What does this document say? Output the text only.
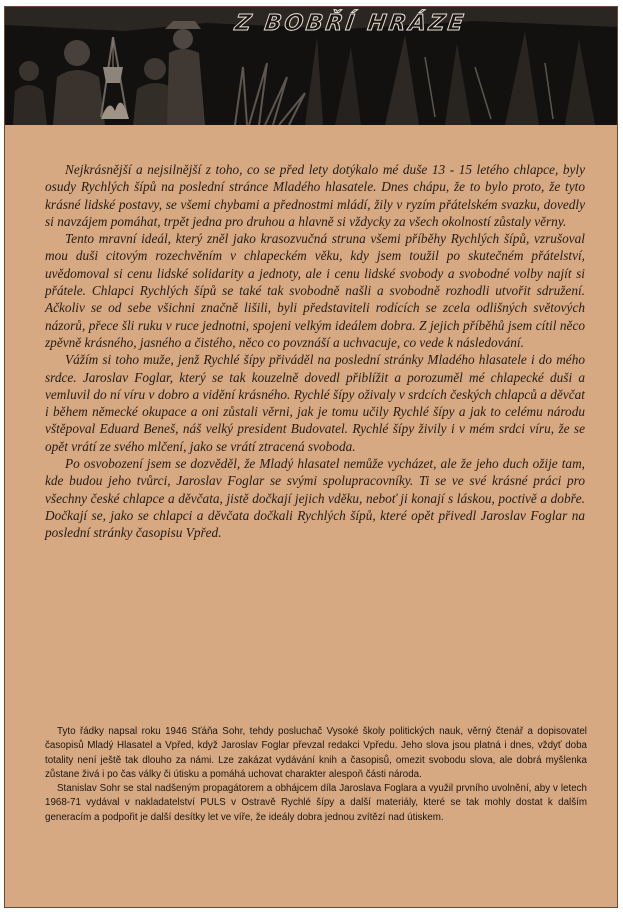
Z BOBŘÍ HRÁZE

Nejkrásnější a nejsilnější z toho, co se před lety dotýkalo mé duše 13 - 15 letého chlapce, byly osudy Rychlých šípů na poslední stránce Mladého hlasatele. Dnes chápu, že to bylo proto, že tyto krásné lidské postavy, se všemi chybami a přednostmi mládí, žily v ryzím přátelském svazku, dovedly si navzájem pomáhat, trpět jedna pro druhou a hlavně si vždycky za všech okolností zůstaly věrny.

Tento mravní ideál, který zněl jako krasozvučná struna všemi příběhy Rychlých šípů, vzrušoval mou duši citovým rozechvěním v chlapeckém věku, kdy jsem toužil po skutečném přátelství, uvědomoval si cenu lidské solidarity a jednoty, ale i cenu lidské svobody a svobodné volby najít si přátele. Chlapci Rychlých šípů se také tak svobodně našli a svobodně rozhodli utvořit sdružení. Ačkoliv se od sebe všichni značně lišili, byli představiteli rodících se zcela odlišných světových názorů, přece šli ruku v ruce jednotni, spojeni velkým ideálem dobra. Z jejich příběhů jsem cítil něco zpěvně krásného, jasného a čistého, něco co povznáší a uchvacuje, co vede k následování.

Vážím si toho muže, jenž Rychlé šípy přiváděl na poslední stránky Mladého hlasatele i do mého srdce. Jaroslav Foglar, který se tak kouzelně dovedl přiblížit a porozuměl mé chlapecké duši a vemluvil do ní víru v dobro a vidění krásného. Rychlé šípy oživaly v srdcích českých chlapců a děvčat i během německé okupace a oni zůstali věrni, jak je tomu učily Rychlé šípy a jak to celému národu vštěpoval Eduard Beneš, náš velký president Budovatel. Rychlé šípy živily i v mém srdci víru, že se opět vrátí ze svého mlčení, jako se vrátí ztracená svoboda.

Po osvobození jsem se dozvěděl, že Mladý hlasatel nemůže vycházet, ale že jeho duch ožije tam, kde budou jeho tvůrci, Jaroslav Foglar se svými spolupracovníky. Ti se ve své krásné práci pro všechny české chlapce a děvčata, jistě dočkají jejich vděku, neboť ji konají s láskou, poctivě a dobře. Dočkají se, jako se chlapci a děvčata dočkali Rychlých šípů, které opět přivedl Jaroslav Foglar na poslední stránky časopisu Vpřed.

Tyto řádky napsal roku 1946 Sťáňa Sohr, tehdy posluchač Vysoké školy politických nauk, věrný čtenář a dopisovatel časopisů Mladý Hlasatel a Vpřed, když Jaroslav Foglar převzal redakci Vpředu. Jeho slova jsou platná i dnes, vždyť doba totality není ještě tak dlouho za námi. Lze zakázat vydávání knih a časopisů, omezit svobodu slova, ale dobrá myšlenka zůstane živá i po čas války či útisku a pomáhá uchovat charakter alespoň části národa.

Stanislav Sohr se stal nadšeným propagátorem a obhájcem díla Jaroslava Foglara a využil prvního uvolnění, aby v letech 1968-71 vydával v nakladatelství PULS v Ostravě Rychlé šípy a další materiály, které se tak mohly dostat k dalším generacím a podpořit je další desítky let ve víře, že ideály dobra jednou zvítězí nad útiskem.
